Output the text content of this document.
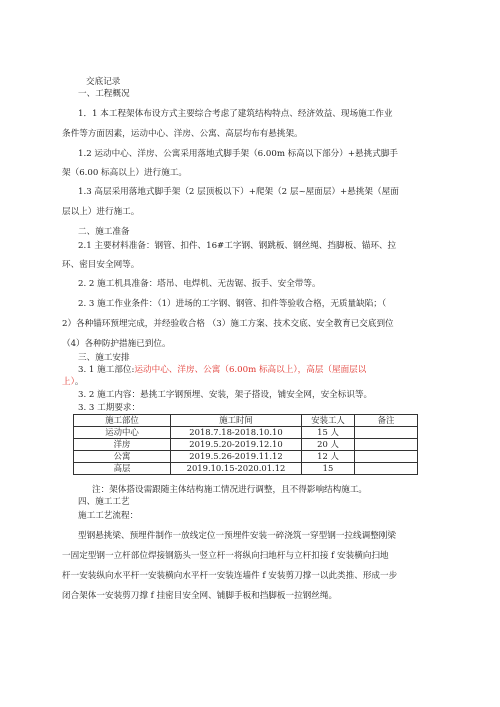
交底记录
一、工程概况
1．1 本工程架体布设方式主要综合考虑了建筑结构特点、经济效益、现场施工作业
条件等方面因素，运动中心、洋房、公寓、高层均布有悬挑架。
1.2 运动中心、洋房、公寓采用落地式脚手架（6.00m 标高以下部分）+悬挑式脚手
架（6.00 标高以上）进行施工。
1.3 高层采用落地式脚手架（2 层顶板以下）+爬架（2 层~屋面层）+悬挑架（屋面
层以上）进行施工。
二、施工准备
2.1 主要材料准备：钢管、扣件、16#工字钢、钢跳板、钢丝绳、挡脚板、锚环、拉
环、密目安全网等。
2. 2 施工机具准备：塔吊、电焊机、无齿锯、扳手、安全带等。
2. 3 施工作业条件：（1）进场的工字钢、钢管、扣件等验收合格，无质量缺陷；（
2）各种锚环预埋完成，并经验收合格 （3）施工方案、技术交底、安全教育已交底到位
（4）各种防护措施已到位。
三、施工安排
3. 1 施工部位:运动中心、洋房、公寓（6.00m 标高以上），高层（屋面层以
上）。
3. 2 施工内容：悬挑工字钢预埋、安装，架子搭设，铺安全网，安全标识等。
3. 3 工期要求：
施工部位	施工时间	安装工人	备注
运动中心	2018.7.18-2018.10.10	15 人	
洋房	2019.5.20-2019.12.10	20 人	
公寓	2019.5.26-2019.11.12	12 人	
高层	2019.10.15-2020.01.12	15	
注：架体搭设需跟随主体结构施工情况进行调整，且不得影响结构施工。
四、施工工艺
施工工艺流程：
型钢悬挑梁、预埋件制作一放线定位一预埋件安装一碎浇筑一穿型钢一拉线调整刚梁
一固定型钢一立杆部位焊接钢筋头一竖立杆一将纵向扫地杆与立杆扣接 f 安装横向扫地
杆一安装纵向水平杆一安装横向水平杆一安装连墙件 f 安装剪刀撑一以此类推、形成一步
闭合架体一安装剪刀撑 f 挂密目安全网、铺脚手板和挡脚板一拉钢丝绳。
